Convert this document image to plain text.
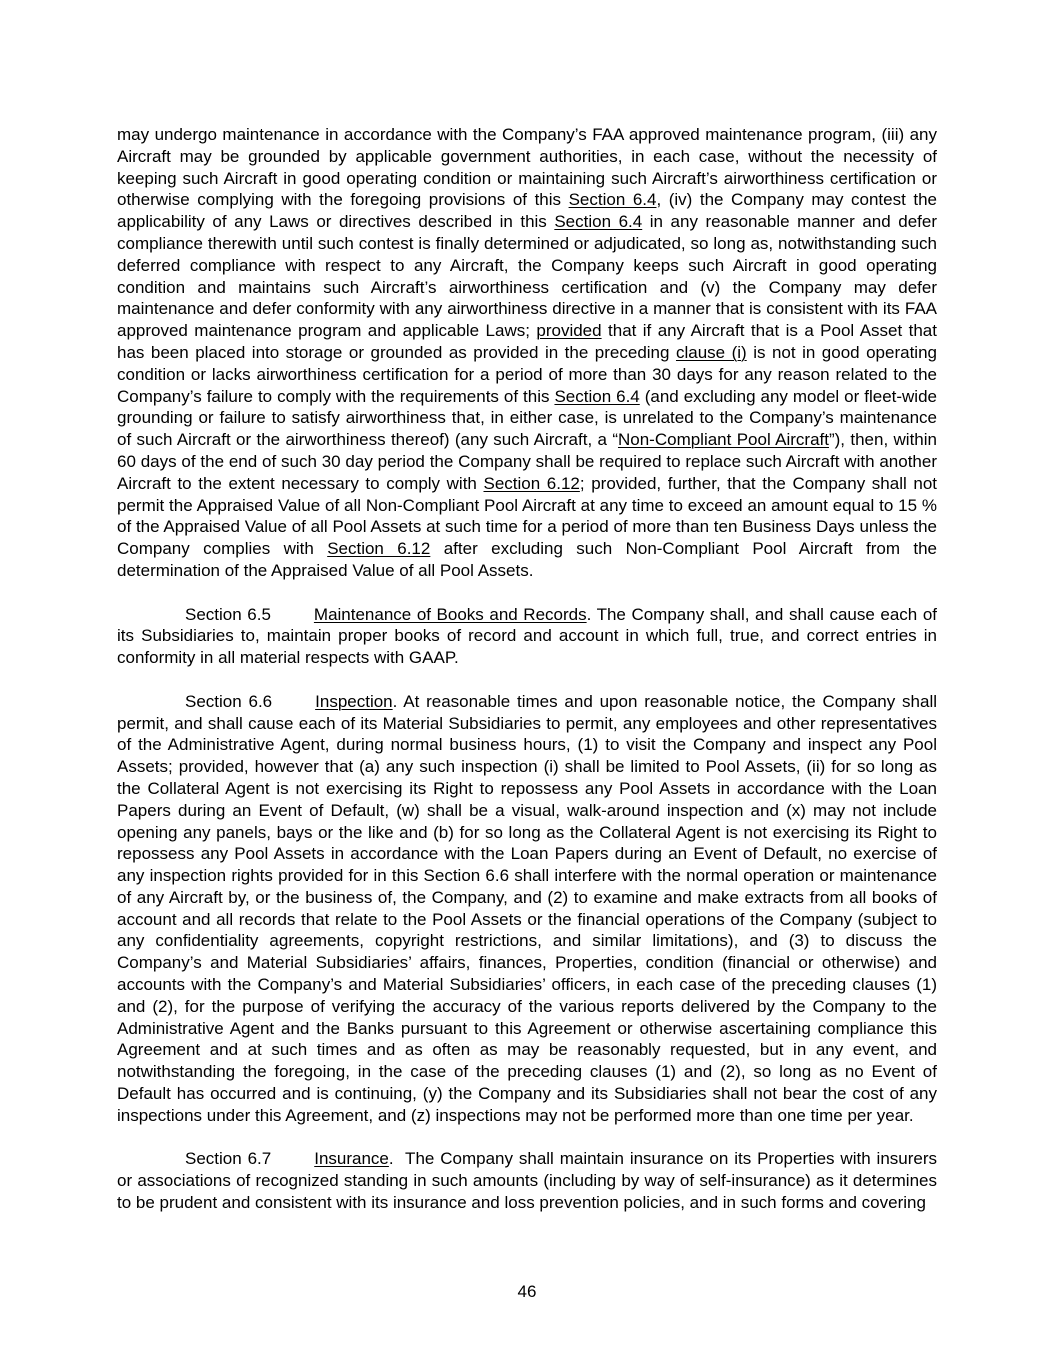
may undergo maintenance in accordance with the Company’s FAA approved maintenance program, (iii) any Aircraft may be grounded by applicable government authorities, in each case, without the necessity of keeping such Aircraft in good operating condition or maintaining such Aircraft’s airworthiness certification or otherwise complying with the foregoing provisions of this Section 6.4, (iv) the Company may contest the applicability of any Laws or directives described in this Section 6.4 in any reasonable manner and defer compliance therewith until such contest is finally determined or adjudicated, so long as, notwithstanding such deferred compliance with respect to any Aircraft, the Company keeps such Aircraft in good operating condition and maintains such Aircraft’s airworthiness certification and (v) the Company may defer maintenance and defer conformity with any airworthiness directive in a manner that is consistent with its FAA approved maintenance program and applicable Laws; provided that if any Aircraft that is a Pool Asset that has been placed into storage or grounded as provided in the preceding clause (i) is not in good operating condition or lacks airworthiness certification for a period of more than 30 days for any reason related to the Company’s failure to comply with the requirements of this Section 6.4 (and excluding any model or fleet-wide grounding or failure to satisfy airworthiness that, in either case, is unrelated to the Company’s maintenance of such Aircraft or the airworthiness thereof) (any such Aircraft, a “Non-Compliant Pool Aircraft”), then, within 60 days of the end of such 30 day period the Company shall be required to replace such Aircraft with another Aircraft to the extent necessary to comply with Section 6.12; provided, further, that the Company shall not permit the Appraised Value of all Non-Compliant Pool Aircraft at any time to exceed an amount equal to 15 % of the Appraised Value of all Pool Assets at such time for a period of more than ten Business Days unless the Company complies with Section 6.12 after excluding such Non-Compliant Pool Aircraft from the determination of the Appraised Value of all Pool Assets.

Section 6.5	Maintenance of Books and Records. The Company shall, and shall cause each of its Subsidiaries to, maintain proper books of record and account in which full, true, and correct entries in conformity in all material respects with GAAP.

Section 6.6	Inspection. At reasonable times and upon reasonable notice, the Company shall permit, and shall cause each of its Material Subsidiaries to permit, any employees and other representatives of the Administrative Agent, during normal business hours, (1) to visit the Company and inspect any Pool Assets; provided, however that (a) any such inspection (i) shall be limited to Pool Assets, (ii) for so long as the Collateral Agent is not exercising its Right to repossess any Pool Assets in accordance with the Loan Papers during an Event of Default, (w) shall be a visual, walk-around inspection and (x) may not include opening any panels, bays or the like and (b) for so long as the Collateral Agent is not exercising its Right to repossess any Pool Assets in accordance with the Loan Papers during an Event of Default, no exercise of any inspection rights provided for in this Section 6.6 shall interfere with the normal operation or maintenance of any Aircraft by, or the business of, the Company, and (2) to examine and make extracts from all books of account and all records that relate to the Pool Assets or the financial operations of the Company (subject to any confidentiality agreements, copyright restrictions, and similar limitations), and (3) to discuss the Company’s and Material Subsidiaries’ affairs, finances, Properties, condition (financial or otherwise) and accounts with the Company’s and Material Subsidiaries’ officers, in each case of the preceding clauses (1) and (2), for the purpose of verifying the accuracy of the various reports delivered by the Company to the Administrative Agent and the Banks pursuant to this Agreement or otherwise ascertaining compliance this Agreement and at such times and as often as may be reasonably requested, but in any event, and notwithstanding the foregoing, in the case of the preceding clauses (1) and (2), so long as no Event of Default has occurred and is continuing, (y) the Company and its Subsidiaries shall not bear the cost of any inspections under this Agreement, and (z) inspections may not be performed more than one time per year.

Section 6.7	Insurance.  The Company shall maintain insurance on its Properties with insurers or associations of recognized standing in such amounts (including by way of self-insurance) as it determines to be prudent and consistent with its insurance and loss prevention policies, and in such forms and covering

46
